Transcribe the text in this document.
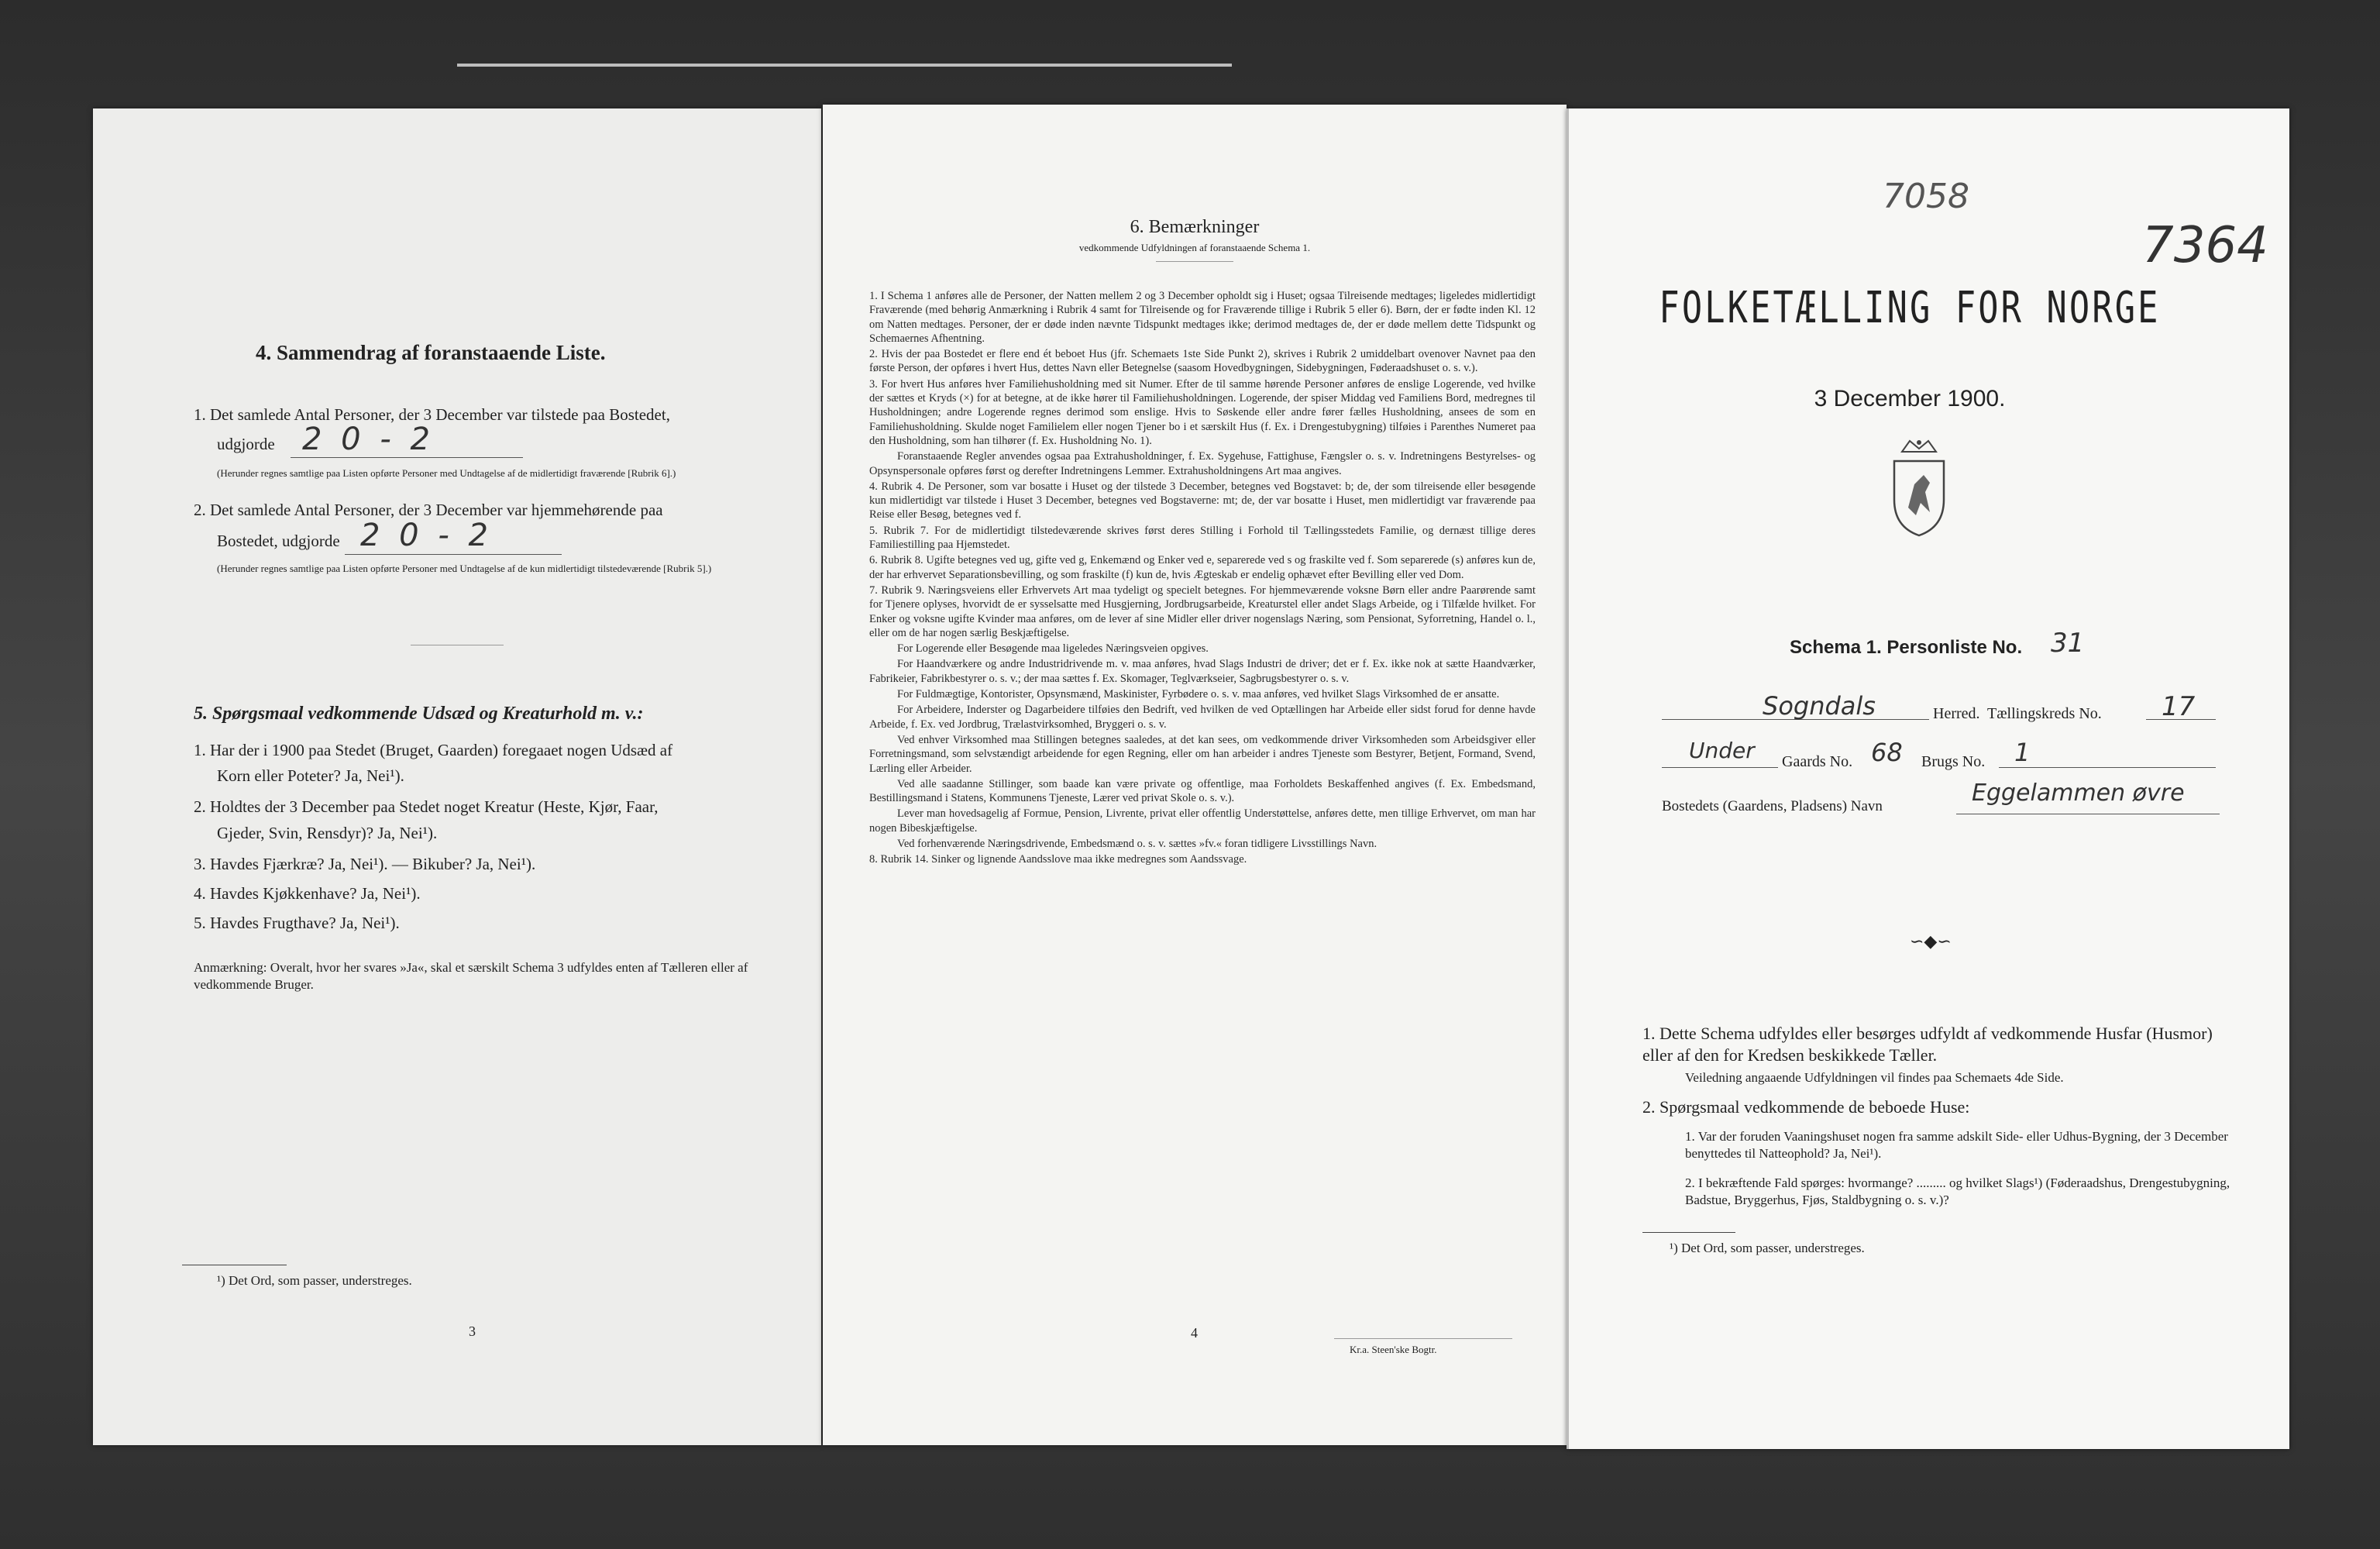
4. Sammendrag af foranstaaende Liste.
1. Det samlede Antal Personer, der 3 December var tilstede paa Bostedet,
udgjorde 2 0 - 2
(Herunder regnes samtlige paa Listen opførte Personer med Undtagelse af de midlertidigt fraværende [Rubrik 6].)
2. Det samlede Antal Personer, der 3 December var hjemmehørende paa
Bostedet, udgjorde 2 0 - 2
(Herunder regnes samtlige paa Listen opførte Personer med Undtagelse af de kun midlertidigt tilstedeværende [Rubrik 5].)
5. Spørgsmaal vedkommende Udsæd og Kreaturhold m. v.:
1. Har der i 1900 paa Stedet (Bruget, Gaarden) foregaaet nogen Udsæd af
Korn eller Poteter? Ja, Nei¹).
2. Holdtes der 3 December paa Stedet noget Kreatur (Heste, Kjør, Faar,
Gjeder, Svin, Rensdyr)? Ja, Nei¹).
3. Havdes Fjærkræ? Ja, Nei¹). — Bikuber? Ja, Nei¹).
4. Havdes Kjøkkenhave? Ja, Nei¹).
5. Havdes Frugthave? Ja, Nei¹).
Anmærkning: Overalt, hvor her svares »Ja«, skal et særskilt Schema 3 udfyldes enten af Tælleren eller af vedkommende Bruger.
¹) Det Ord, som passer, understreges.
3
6. Bemærkninger
vedkommende Udfyldningen af foranstaaende Schema 1.

1. I Schema 1 anføres alle de Personer, der Natten mellem 2 og 3 December opholdt sig i Huset; ogsaa Tilreisende medtages; ligeledes midlertidigt Fraværende (med behørig Anmærkning i Rubrik 4 samt for Tilreisende og for Fraværende tillige i Rubrik 5 eller 6). Børn, der er fødte inden Kl. 12 om Natten medtages. Personer, der er døde inden nævnte Tidspunkt medtages ikke; derimod medtages de, der er døde mellem dette Tidspunkt og Schemaernes Afhentning.

2. Hvis der paa Bostedet er flere end ét beboet Hus (jfr. Schemaets 1ste Side Punkt 2), skrives i Rubrik 2 umiddelbart ovenover Navnet paa den første Person, der opføres i hvert Hus, dettes Navn eller Betegnelse (saasom Hovedbygningen, Sidebygningen, Føderaadshuset o. s. v.).

3. For hvert Hus anføres hver Familiehusholdning med sit Numer. Efter de til samme hørende Personer anføres de enslige Logerende, ved hvilke der sættes et Kryds (×) for at betegne, at de ikke hører til Familiehusholdningen. Logerende, der spiser Middag ved Familiens Bord, medregnes til Husholdningen; andre Logerende regnes derimod som enslige. Hvis to Søskende eller andre fører fælles Husholdning, ansees de som en Familiehusholdning. Skulde noget Familielem eller nogen Tjener bo i et særskilt Hus (f. Ex. i Drengestubygning) tilføies i Parenthes Numeret paa den Husholdning, som han tilhører (f. Ex. Husholdning No. 1).

Foranstaaende Regler anvendes ogsaa paa Extrahusholdninger, f. Ex. Sygehuse, Fattighuse, Fængsler o. s. v. Indretningens Bestyrelses- og Opsynspersonale opføres først og derefter Indretningens Lemmer. Extrahusholdningens Art maa angives.

4. Rubrik 4. De Personer, som var bosatte i Huset og der tilstede 3 December, betegnes ved Bogstavet: b; de, der som tilreisende eller besøgende kun midlertidigt var tilstede i Huset 3 December, betegnes ved Bogstaverne: mt; de, der var bosatte i Huset, men midlertidigt var fraværende paa Reise eller Besøg, betegnes ved f.

5. Rubrik 7. For de midlertidigt tilstedeværende skrives først deres Stilling i Forhold til Tællingsstedets Familie, og dernæst tillige deres Familiestilling paa Hjemstedet.

6. Rubrik 8. Ugifte betegnes ved ug, gifte ved g, Enkemænd og Enker ved e, separerede ved s og fraskilte ved f. Som separerede (s) anføres kun de, der har erhvervet Separationsbevilling, og som fraskilte (f) kun de, hvis Ægteskab er endelig ophævet efter Bevilling eller ved Dom.

7. Rubrik 9. Næringsveiens eller Erhvervets Art maa tydeligt og specielt betegnes. For hjemmeværende voksne Børn eller andre Paarørende samt for Tjenere oplyses, hvorvidt de er sysselsatte med Husgjerning, Jordbrugsarbeide, Kreaturstel eller andet Slags Arbeide, og i Tilfælde hvilket. For Enker og voksne ugifte Kvinder maa anføres, om de lever af sine Midler eller driver nogenslags Næring, som Pensionat, Syforretning, Handel o. l., eller om de har nogen særlig Beskjæftigelse.

For Logerende eller Besøgende maa ligeledes Næringsveien opgives.

For Haandværkere og andre Industridrivende m. v. maa anføres, hvad Slags Industri de driver; det er f. Ex. ikke nok at sætte Haandværker, Fabrikeier, Fabrikbestyrer o. s. v.; der maa sættes f. Ex. Skomager, Teglværkseier, Sagbrugsbestyrer o. s. v.

For Fuldmægtige, Kontorister, Opsynsmænd, Maskinister, Fyrbødere o. s. v. maa anføres, ved hvilket Slags Virksomhed de er ansatte.

For Arbeidere, Inderster og Dagarbeidere tilføies den Bedrift, ved hvilken de ved Optællingen har Arbeide eller sidst forud for denne havde Arbeide, f. Ex. ved Jordbrug, Trælastvirksomhed, Bryggeri o. s. v.

Ved enhver Virksomhed maa Stillingen betegnes saaledes, at det kan sees, om vedkommende driver Virksomheden som Arbeidsgiver eller Forretningsmand, som selvstændigt arbeidende for egen Regning, eller om han arbeider i andres Tjeneste som Bestyrer, Betjent, Formand, Svend, Lærling eller Arbeider.

Ved alle saadanne Stillinger, som baade kan være private og offentlige, maa Forholdets Beskaffenhed angives (f. Ex. Embedsmand, Bestillingsmand i Statens, Kommunens Tjeneste, Lærer ved privat Skole o. s. v.).

Lever man hovedsagelig af Formue, Pension, Livrente, privat eller offentlig Understøttelse, anføres dette, men tillige Erhvervet, om man har nogen Bibeskjæftigelse.

Ved forhenværende Næringsdrivende, Embedsmænd o. s. v. sættes »fv.« foran tidligere Livsstillings Navn.

8. Rubrik 14. Sinker og lignende Aandsslove maa ikke medregnes som Aandssvage.

4
Kr.a. Steen'ske Bogtr.
7058
7364
FOLKETÆLLING FOR NORGE
3 December 1900.
Schema 1. Personliste No. 31
Sogndals	Herred. Tællingskreds No. 17
Under Gaards No. 68 Brugs No. 1
Bostedets (Gaardens, Pladsens) Navn	Eggelammen øvre
∽◆∽
1. Dette Schema udfyldes eller besørges udfyldt af vedkommende Husfar (Husmor) eller af den for Kredsen beskikkede Tæller.
Veiledning angaaende Udfyldningen vil findes paa Schemaets 4de Side.
2. Spørgsmaal vedkommende de beboede Huse:
1. Var der foruden Vaaningshuset nogen fra samme adskilt Side- eller Udhus-Bygning, der 3 December benyttedes til Natteophold? Ja, Nei¹).
2. I bekræftende Fald spørges: hvormange? ......... og hvilket Slags¹) (Føderaadshus, Drengestubygning, Badstue, Bryggerhus, Fjøs, Staldbygning o. s. v.)?
¹) Det Ord, som passer, understreges.
